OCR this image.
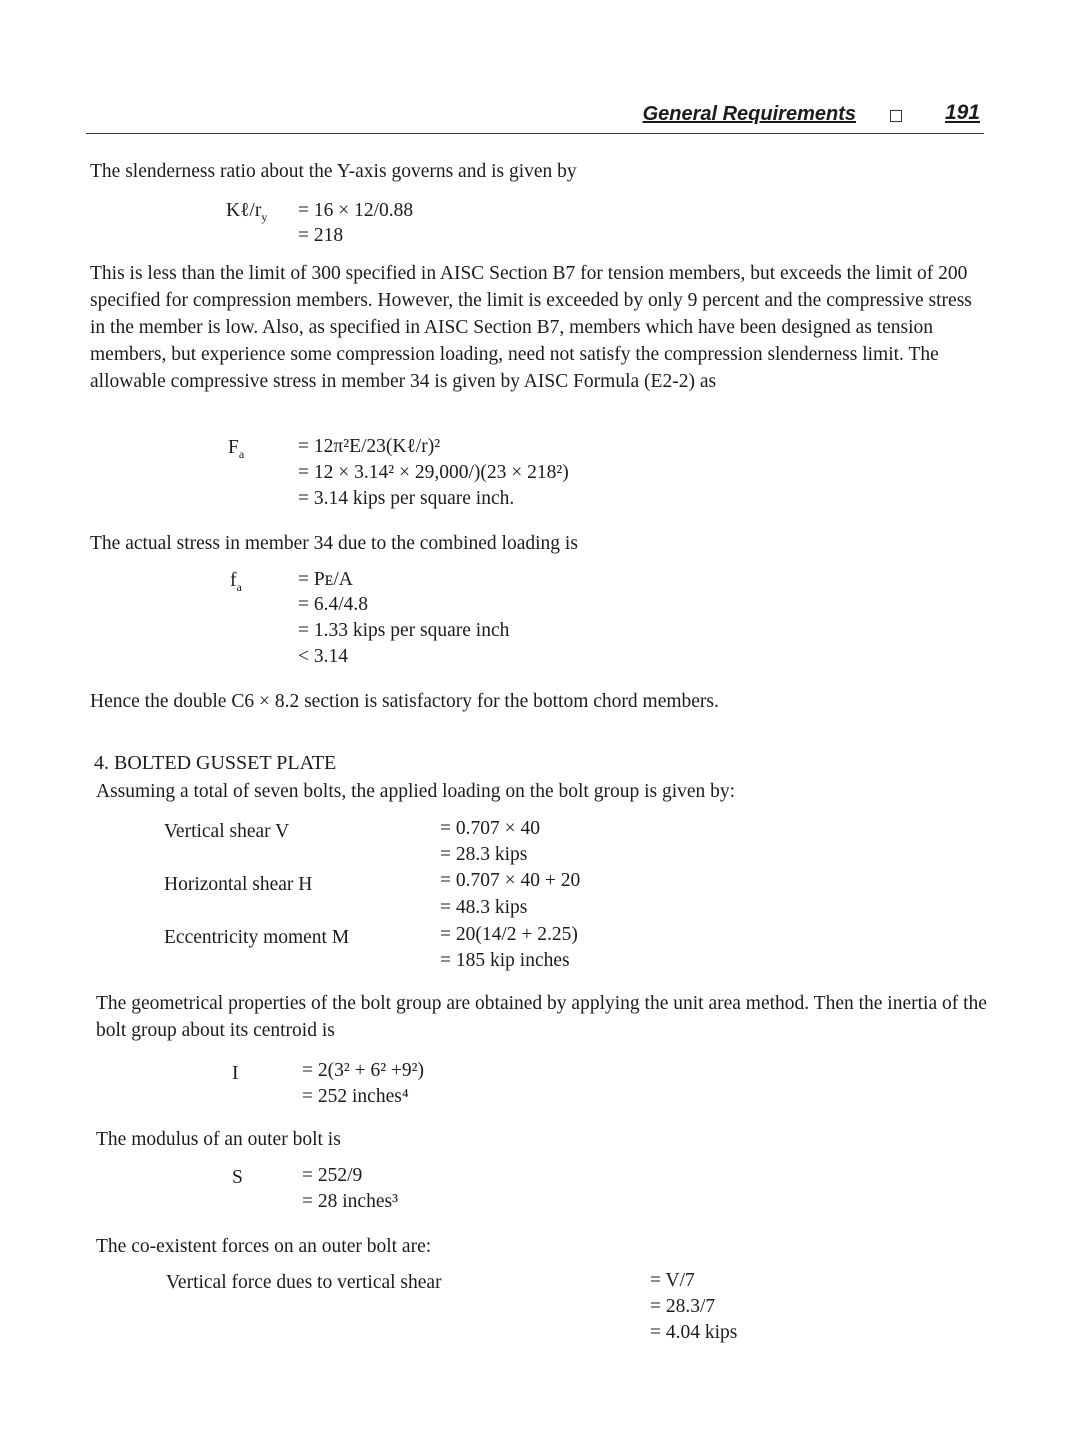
General Requirements	191
The slenderness ratio about the Y-axis governs and is given by
$K\ell/r_y = 16 \times 12/0.88$
= 218
This is less than the limit of 300 specified in AISC Section B7 for tension members, but exceeds the limit of 200 specified for compression members. However, the limit is exceeded by only 9 percent and the compressive stress in the member is low. Also, as specified in AISC Section B7, members which have been designed as tension members, but experience some compression loading, need not satisfy the compression slenderness limit. The allowable compressive stress in member 34 is given by AISC Formula (E2-2) as
$F_a$	= 12π²E/23(Kℓ/r)²
= 12 × 3.14² × 29,000/)(23 × 218²)
= 3.14 kips per square inch.
The actual stress in member 34 due to the combined loading is
$f_a$	= Pᴇ/A
= 6.4/4.8
= 1.33 kips per square inch
< 3.14
Hence the double C6 × 8.2 section is satisfactory for the bottom chord members.
4. BOLTED GUSSET PLATE
Assuming a total of seven bolts, the applied loading on the bolt group is given by:
Vertical shear V	= 0.707 × 40
= 28.3 kips
Horizontal shear H	= 0.707 × 40 + 20
= 48.3 kips
Eccentricity moment M	= 20(14/2 + 2.25)
= 185 kip inches
The geometrical properties of the bolt group are obtained by applying the unit area method. Then the inertia of the bolt group about its centroid is
I	= 2(3² + 6² +9²)
= 252 inches⁴
The modulus of an outer bolt is
S	= 252/9
= 28 inches³
The co-existent forces on an outer bolt are:
Vertical force dues to vertical shear	= V/7
= 28.3/7
= 4.04 kips
